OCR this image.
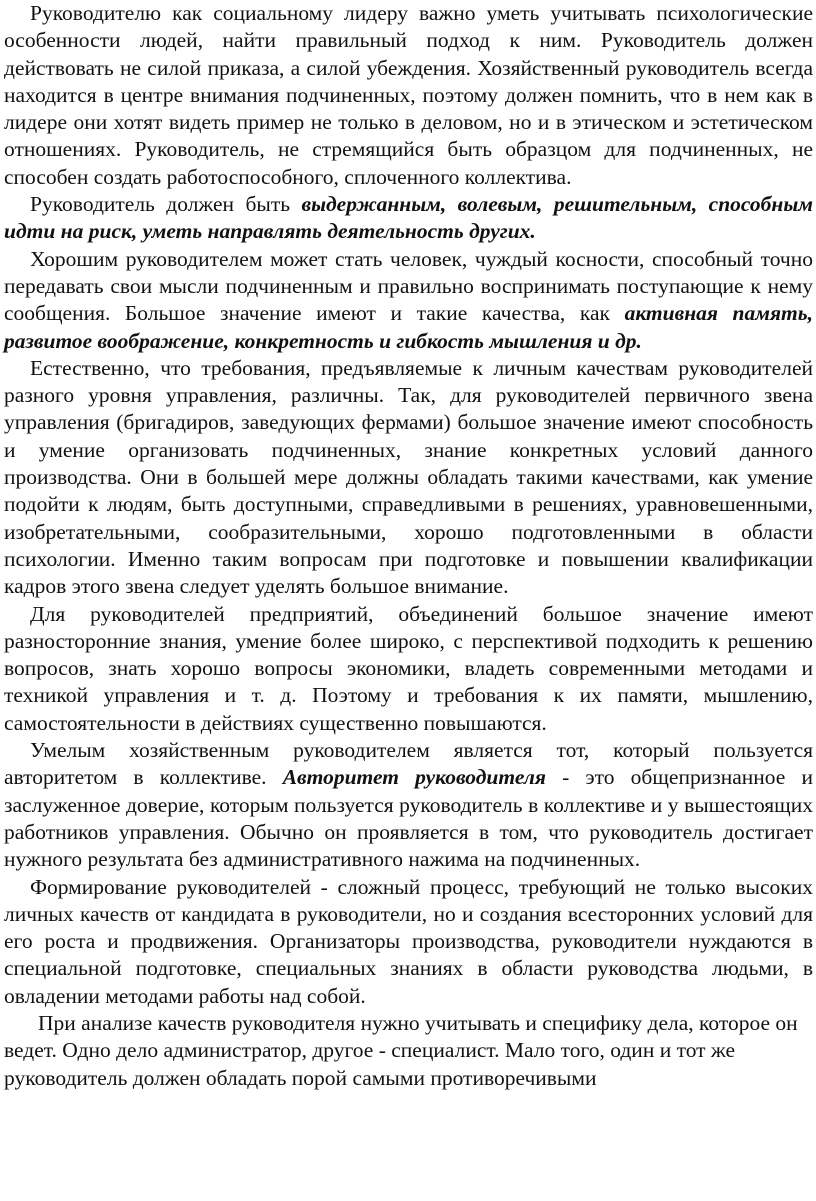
Руководителю как социальному лидеру важно уметь учитывать психологические особенности людей, найти правильный подход к ним. Руководитель должен действовать не силой приказа, а силой убеждения. Хозяйственный руководитель всегда находится в центре внимания подчиненных, поэтому должен помнить, что в нем как в лидере они хотят видеть пример не только в деловом, но и в этическом и эстетическом отношениях. Руководитель, не стремящийся быть образцом для подчиненных, не способен создать работоспособного, сплоченного коллектива.

Руководитель должен быть выдержанным, волевым, решительным, способным идти на риск, уметь направлять деятельность других.

Хорошим руководителем может стать человек, чуждый косности, способный точно передавать свои мысли подчиненным и правильно воспринимать поступающие к нему сообщения. Большое значение имеют и такие качества, как активная память, развитое воображение, конкретность и гибкость мышления и др.

Естественно, что требования, предъявляемые к личным качествам руководителей разного уровня управления, различны. Так, для руководителей первичного звена управления (бригадиров, заведующих фермами) большое значение имеют способность и умение организовать подчиненных, знание конкретных условий данного производства. Они в большей мере должны обладать такими качествами, как умение подойти к людям, быть доступными, справедливыми в решениях, уравновешенными, изобретательными, сообразительными, хорошо подготовленными в области психологии. Именно таким вопросам при подготовке и повышении квалификации кадров этого звена следует уделять большое внимание.

Для руководителей предприятий, объединений большое значение имеют разносторонние знания, умение более широко, с перспективой подходить к решению вопросов, знать хорошо вопросы экономики, владеть современными методами и техникой управления и т. д. Поэтому и требования к их памяти, мышлению, самостоятельности в действиях существенно повышаются.

Умелым хозяйственным руководителем является тот, который пользуется авторитетом в коллективе. Авторитет руководителя - это общепризнанное и заслуженное доверие, которым пользуется руководитель в коллективе и у вышестоящих работников управления. Обычно он проявляется в том, что руководитель достигает нужного результата без административного нажима на подчиненных.

Формирование руководителей - сложный процесс, требующий не только высоких личных качеств от кандидата в руководители, но и создания всесторонних условий для его роста и продвижения. Организаторы производства, руководители нуждаются в специальной подготовке, специальных знаниях в области руководства людьми, в овладении методами работы над собой.

При анализе качеств руководителя нужно учитывать и специфику дела, которое он ведет. Одно дело администратор, другое - специалист. Мало того, один и тот же руководитель должен обладать порой самыми противоречивыми
